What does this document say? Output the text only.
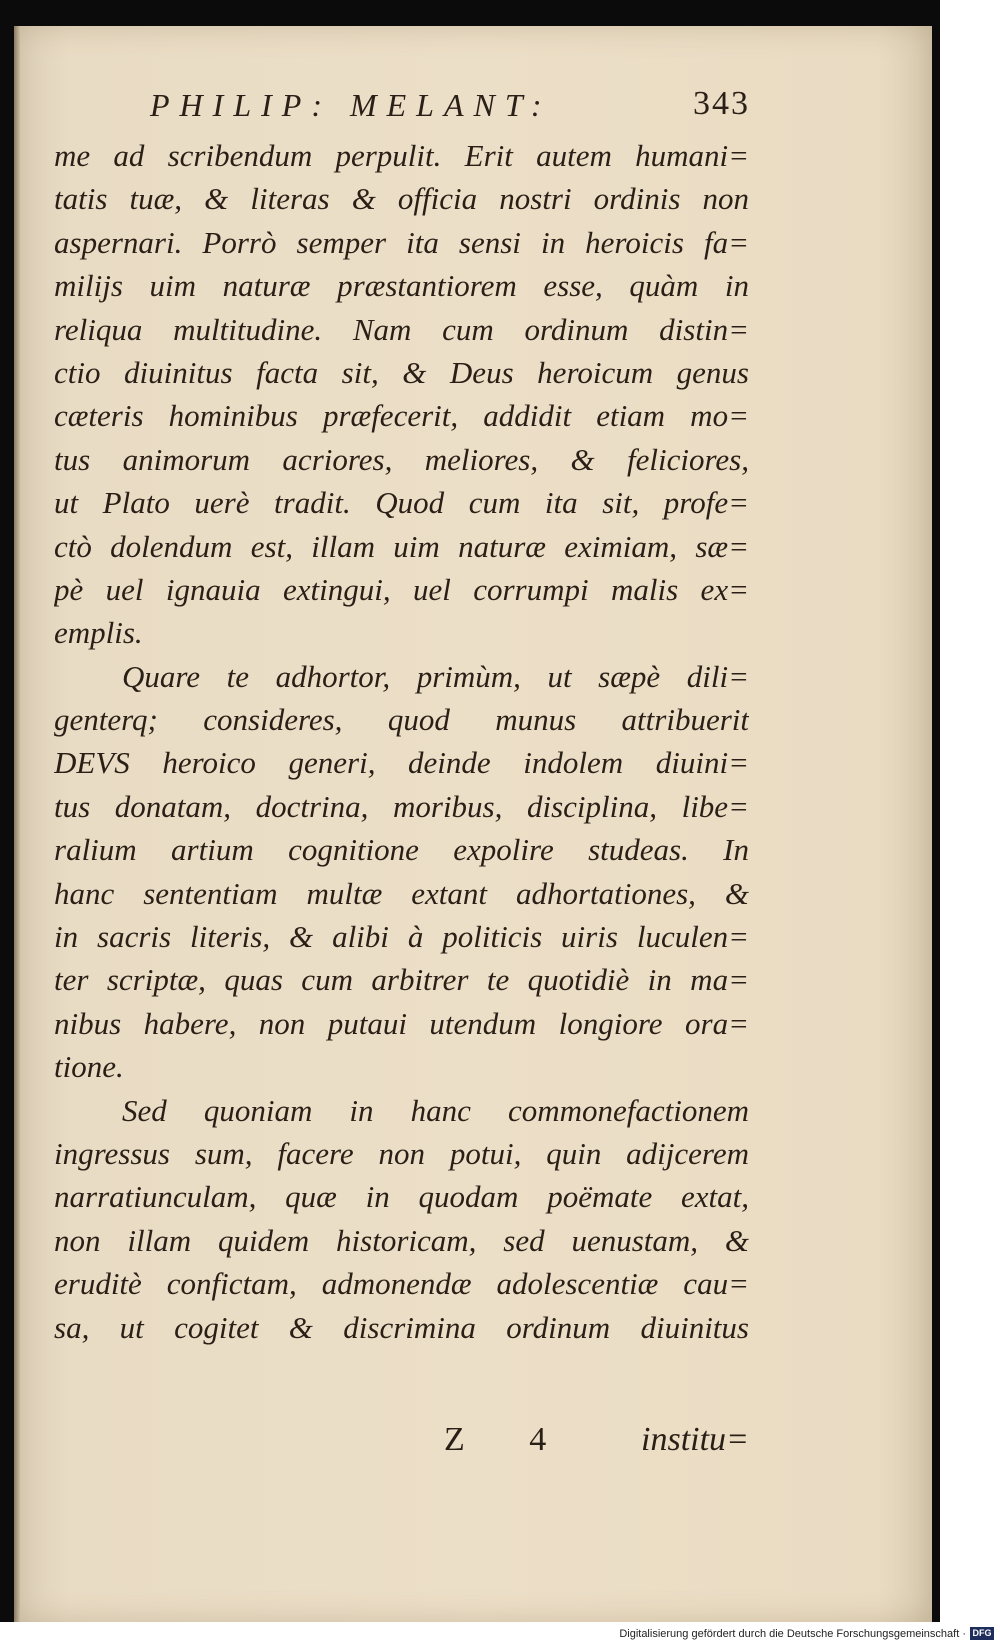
PHILIP: MELANT:	343
me ad scribendum perpulit. Erit autem humani=
tatis tuæ, & literas & officia nostri ordinis non
aspernari. Porrò semper ita sensi in heroicis fa=
milijs uim naturæ præstantiorem esse, quàm in
reliqua multitudine. Nam cum ordinum distin=
ctio diuinitus facta sit, & Deus heroicum genus
cæteris hominibus præfecerit, addidit etiam mo=
tus animorum acriores, meliores, & feliciores,
ut Plato uerè tradit. Quod cum ita sit, profe=
ctò dolendum est, illam uim naturæ eximiam, sæ=
pè uel ignauia extingui, uel corrumpi malis ex=
emplis.
Quare te adhortor, primùm, ut sæpè dili=
genterq; consideres, quod munus attribuerit
DEVS heroico generi, deinde indolem diuini=
tus donatam, doctrina, moribus, disciplina, libe=
ralium artium cognitione expolire studeas. In
hanc sententiam multæ extant adhortationes, &
in sacris literis, & alibi à politicis uiris luculen=
ter scriptæ, quas cum arbitrer te quotidiè in ma=
nibus habere, non putaui utendum longiore ora=
tione.
Sed quoniam in hanc commonefactionem
ingressus sum, facere non potui, quin adijcerem
narratiunculam, quæ in quodam poëmate extat,
non illam quidem historicam, sed uenustam, &
eruditè confictam, admonendæ adolescentiæ cau=
sa, ut cogitet & discrimina ordinum diuinitus
Z 4 institu=
Digitalisierung gefördert durch die Deutsche Forschungsgemeinschaft · DFG
